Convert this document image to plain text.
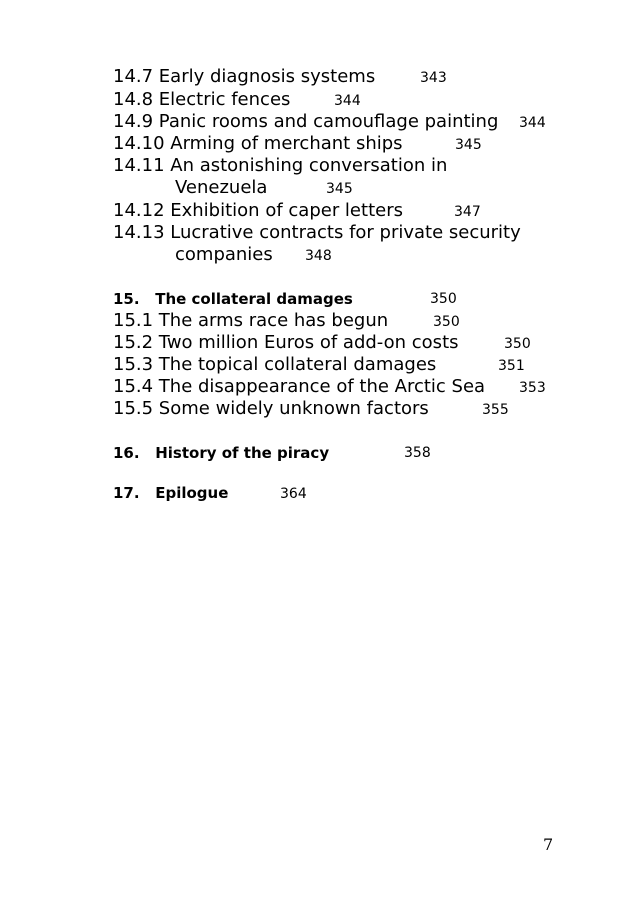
14.7 Early diagnosis systems	343
14.8 Electric fences	344
14.9 Panic rooms and camouflage painting 344
14.10 Arming of merchant ships	345
14.11 An astonishing conversation in
Venezuela	345
14.12 Exhibition of caper letters	347
14.13 Lucrative contracts for private security
companies 348
15.   The collateral damages	350
15.1 The arms race has begun	350
15.2 Two million Euros of add-on costs	350
15.3 The topical collateral damages	351
15.4 The disappearance of the Arctic Sea 353
15.5 Some widely unknown factors	355
16.   History of the piracy	358
17.   Epilogue	364
7
